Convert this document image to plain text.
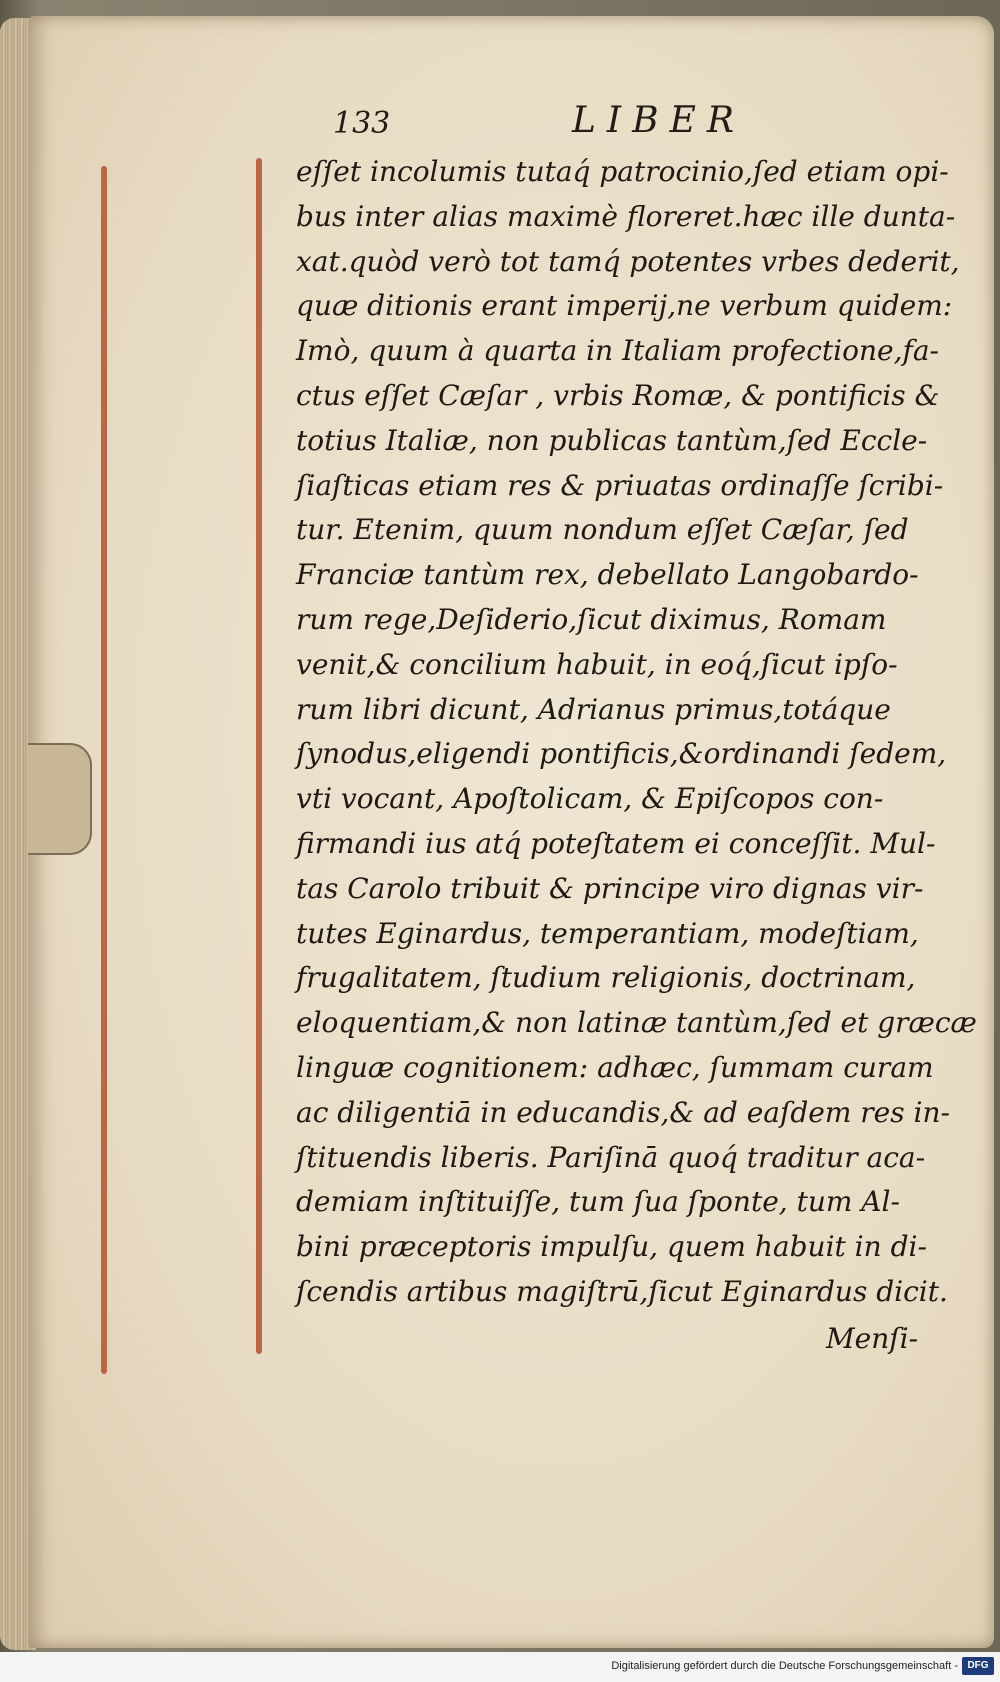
133	LIBER
eſſet incolumis tutaq́ patrocinio,ſed etiam opi-
bus inter alias maximè floreret.hæc ille dunta-
xat.quòd verò tot tamq́ potentes vrbes dederit,
quæ ditionis erant imperij,ne verbum quidem:
Imò, quum à quarta in Italiam profectione,fa-
ctus eſſet Cæſar , vrbis Romæ, & pontificis &
totius Italiæ, non publicas tantùm,ſed Eccle-
ſiaſticas etiam res & priuatas ordinaſſe ſcribi-
tur. Etenim, quum nondum eſſet Cæſar, ſed
Franciæ tantùm rex, debellato Langobardo-
rum rege,Deſiderio,ſicut diximus, Romam
venit,& concilium habuit, in eoq́,ſicut ipſo-
rum libri dicunt, Adrianus primus,totáque
ſynodus,eligendi pontificis,&ordinandi ſedem,
vti vocant, Apoſtolicam, & Epiſcopos con-
firmandi ius atq́ poteſtatem ei conceſſit. Mul-
tas Carolo tribuit & principe viro dignas vir-
tutes Eginardus, temperantiam, modeſtiam,
frugalitatem, ſtudium religionis, doctrinam,
eloquentiam,& non latinæ tantùm,ſed et græcæ
linguæ cognitionem: adhæc, ſummam curam
ac diligentiā in educandis,& ad eaſdem res in-
ſtituendis liberis. Pariſinā quoq́ traditur aca-
demiam inſtituiſſe, tum ſua ſponte, tum Al-
bini præceptoris impulſu, quem habuit in di-
ſcendis artibus magiſtrū,ſicut Eginardus dicit.
Menſi-
Digitalisierung gefördert durch die Deutsche Forschungsgemeinschaft - DFG
